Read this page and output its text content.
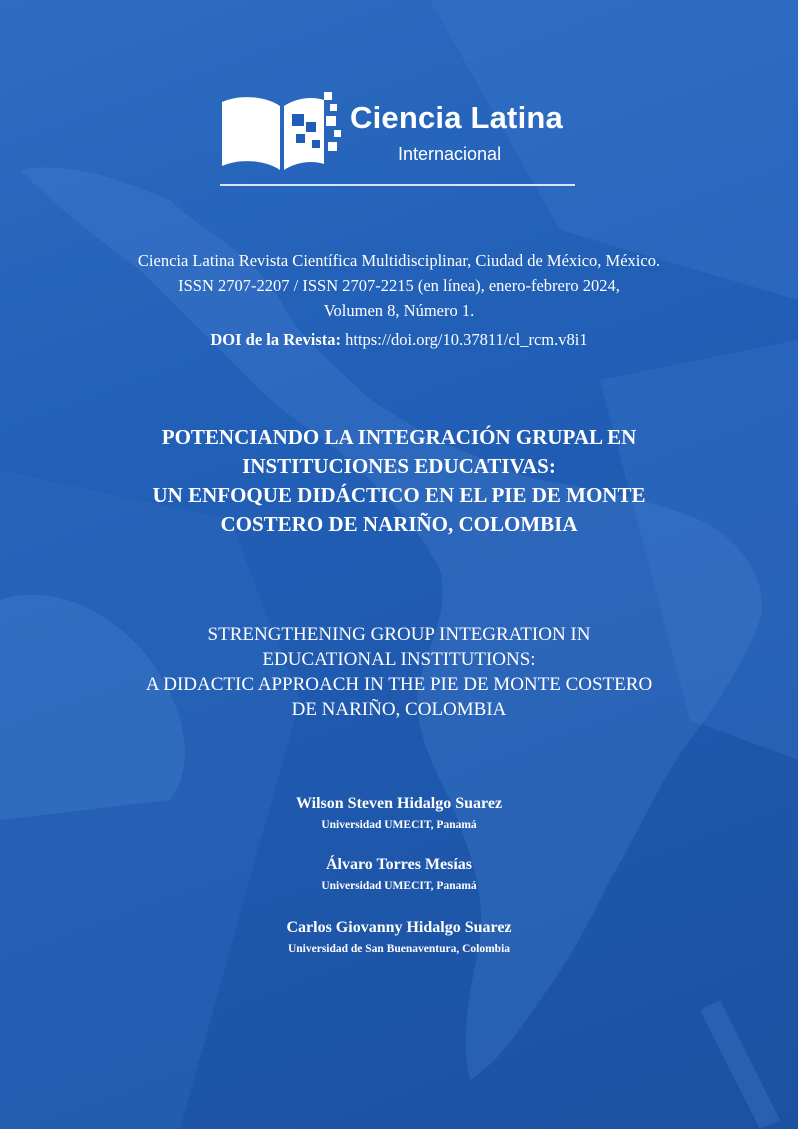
Ciencia Latina
Internacional
Ciencia Latina Revista Científica Multidisciplinar, Ciudad de México, México.
ISSN 2707-2207 / ISSN 2707-2215 (en línea), enero-febrero 2024,
Volumen 8, Número 1.
DOI de la Revista: https://doi.org/10.37811/cl_rcm.v8i1
POTENCIANDO LA INTEGRACIÓN GRUPAL EN
INSTITUCIONES EDUCATIVAS:
UN ENFOQUE DIDÁCTICO EN EL PIE DE MONTE
COSTERO DE NARIÑO, COLOMBIA
STRENGTHENING GROUP INTEGRATION IN
EDUCATIONAL INSTITUTIONS:
A DIDACTIC APPROACH IN THE PIE DE MONTE COSTERO
DE NARIÑO, COLOMBIA
Wilson Steven Hidalgo Suarez
Universidad UMECIT, Panamá
Álvaro Torres Mesías
Universidad UMECIT, Panamá
Carlos Giovanny Hidalgo Suarez
Universidad de San Buenaventura, Colombia
